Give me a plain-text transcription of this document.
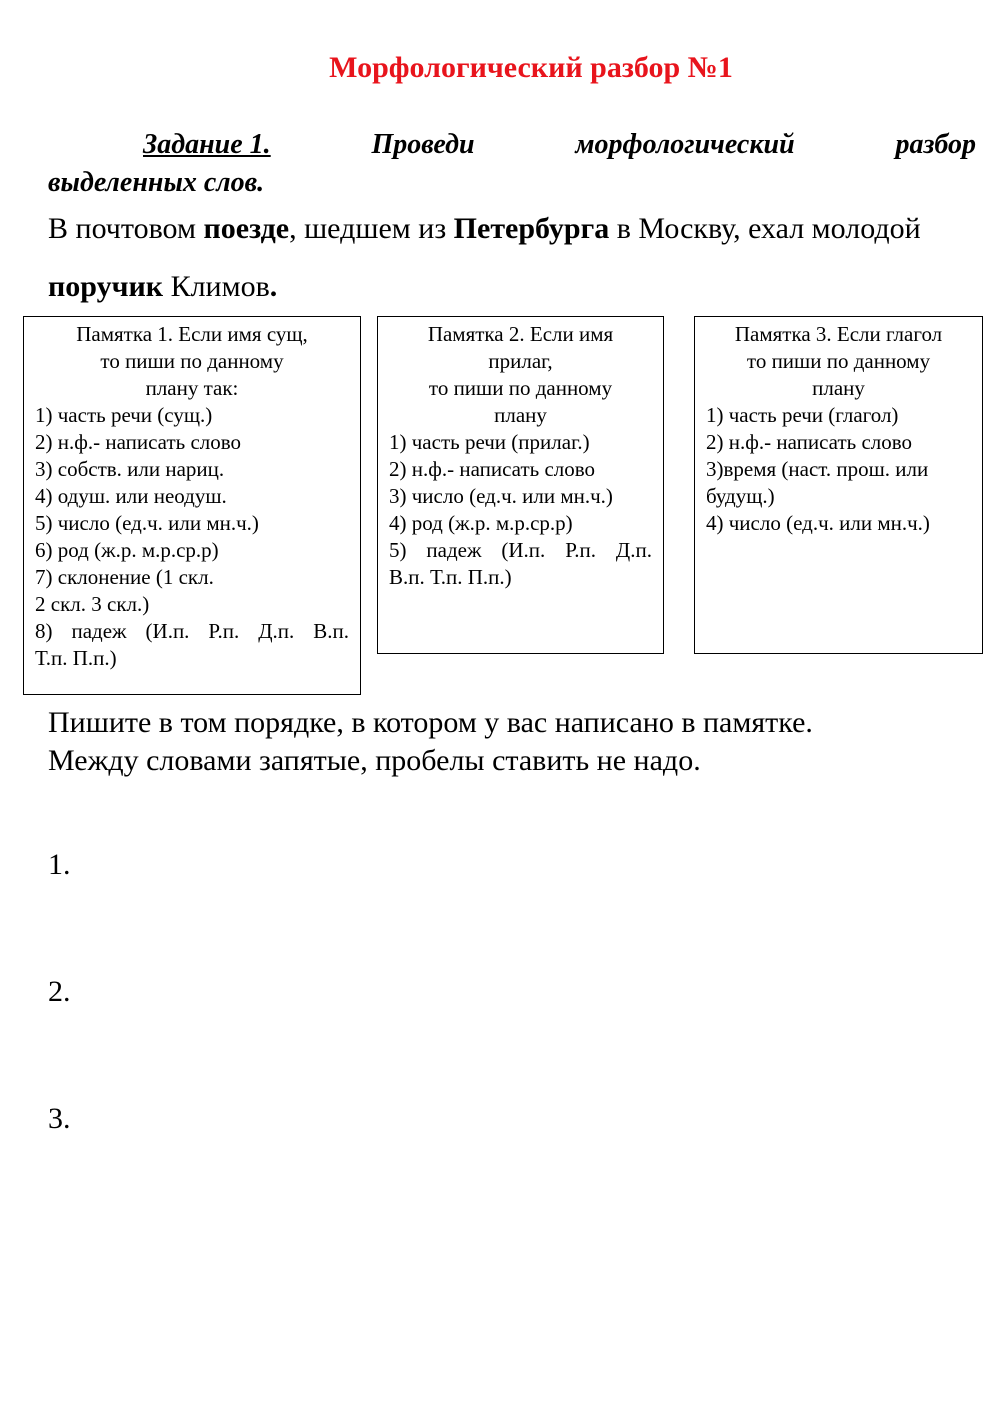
Морфологический разбор №1
Задание 1.	Проведи	морфологический	разбор
выделенных слов.
В почтовом поезде, шедшем из Петербурга в Москву, ехал молодой поручик Климов.
Памятка 1. Если имя сущ,
то пиши по данному
плану так:
1) часть речи (сущ.)
2) н.ф.- написать слово
3) собств. или нариц.
4) одуш. или неодуш.
5) число (ед.ч. или мн.ч.)
6) род (ж.р. м.р.ср.р)
7) склонение (1 скл.
2 скл. 3 скл.)
8) падеж (И.п. Р.п. Д.п. В.п.
Т.п. П.п.)
Памятка 2. Если имя
прилаг,
то пиши по данному
плану
1) часть речи (прилаг.)
2) н.ф.- написать слово
3) число (ед.ч. или мн.ч.)
4) род (ж.р. м.р.ср.р)
5) падеж (И.п. Р.п. Д.п.
В.п. Т.п. П.п.)
Памятка 3. Если глагол
то пиши по данному
плану
1) часть речи (глагол)
2) н.ф.- написать слово
3)время (наст. прош. или
будущ.)
4) число (ед.ч. или мн.ч.)
Пишите в том порядке, в котором у вас написано в памятке.
Между словами запятые, пробелы ставить не надо.
1.
2.
3.
